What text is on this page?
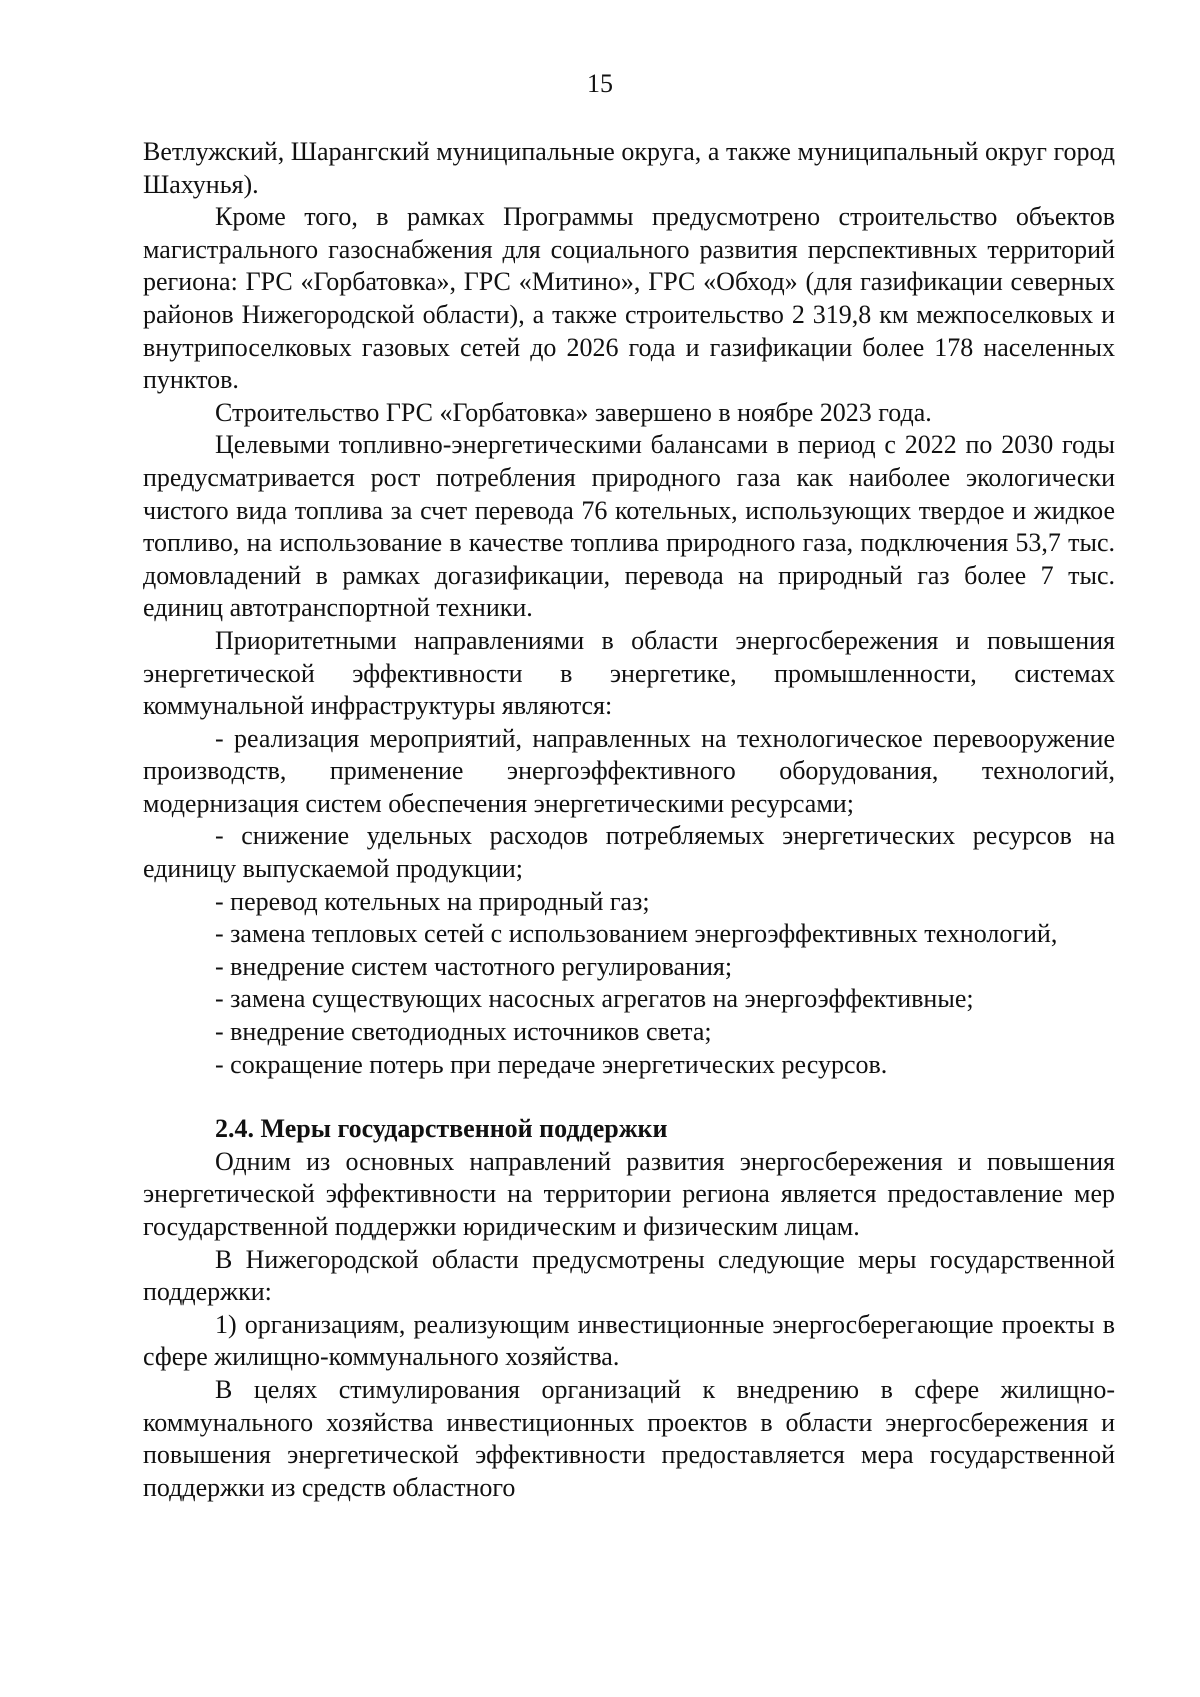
15

Ветлужский, Шарангский муниципальные округа, а также муниципальный округ город Шахунья).

Кроме того, в рамках Программы предусмотрено строительство объектов магистрального газоснабжения для социального развития перспективных территорий региона: ГРС «Горбатовка», ГРС «Митино», ГРС «Обход» (для газификации северных районов Нижегородской области), а также строительство 2 319,8 км межпоселковых и внутрипоселковых газовых сетей до 2026 года и газификации более 178 населенных пунктов.

Строительство ГРС «Горбатовка» завершено в ноябре 2023 года.

Целевыми топливно-энергетическими балансами в период с 2022 по 2030 годы предусматривается рост потребления природного газа как наиболее экологически чистого вида топлива за счет перевода 76 котельных, использующих твердое и жидкое топливо, на использование в качестве топлива природного газа, подключения 53,7 тыс. домовладений в рамках догазификации, перевода на природный газ более 7 тыс. единиц автотранспортной техники.

Приоритетными направлениями в области энергосбережения и повышения энергетической эффективности в энергетике, промышленности, системах коммунальной инфраструктуры являются:

- реализация мероприятий, направленных на технологическое перевооружение производств, применение энергоэффективного оборудования, технологий, модернизация систем обеспечения энергетическими ресурсами;

- снижение удельных расходов потребляемых энергетических ресурсов на единицу выпускаемой продукции;

- перевод котельных на природный газ;

- замена тепловых сетей с использованием энергоэффективных технологий,

- внедрение систем частотного регулирования;

- замена существующих насосных агрегатов на энергоэффективные;

- внедрение светодиодных источников света;

- сокращение потерь при передаче энергетических ресурсов.

2.4. Меры государственной поддержки

Одним из основных направлений развития энергосбережения и повышения энергетической эффективности на территории региона является предоставление мер государственной поддержки юридическим и физическим лицам.

В Нижегородской области предусмотрены следующие меры государственной поддержки:

1) организациям, реализующим инвестиционные энергосберегающие проекты в сфере жилищно-коммунального хозяйства.

В целях стимулирования организаций к внедрению в сфере жилищно-коммунального хозяйства инвестиционных проектов в области энергосбережения и повышения энергетической эффективности предоставляется мера государственной поддержки из средств областного
